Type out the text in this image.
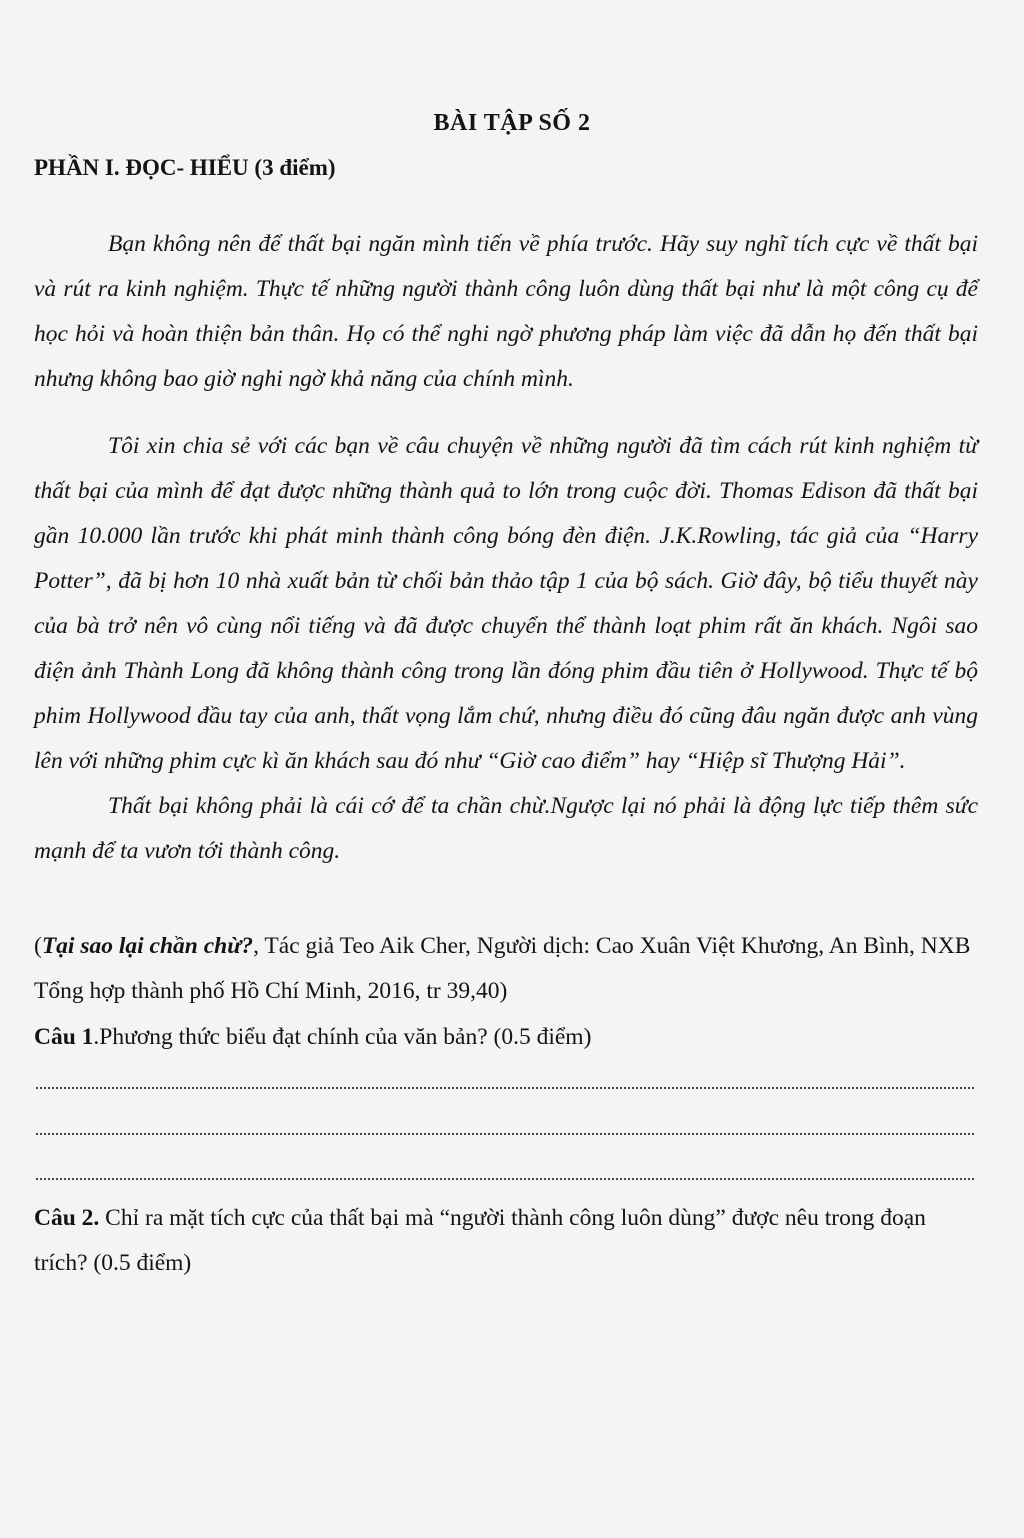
BÀI TẬP SỐ 2
PHẦN I. ĐỌC- HIỂU (3 điểm)

Bạn không nên để thất bại ngăn mình tiến về phía trước. Hãy suy nghĩ tích cực về thất bại và rút ra kinh nghiệm. Thực tế những người thành công luôn dùng thất bại như là một công cụ để học hỏi và hoàn thiện bản thân. Họ có thể nghi ngờ phương pháp làm việc đã dẫn họ đến thất bại nhưng không bao giờ nghi ngờ khả năng của chính mình.

Tôi xin chia sẻ với các bạn về câu chuyện về những người đã tìm cách rút kinh nghiệm từ thất bại của mình để đạt được những thành quả to lớn trong cuộc đời. Thomas Edison đã thất bại gần 10.000 lần trước khi phát minh thành công bóng đèn điện. J.K.Rowling, tác giả của “Harry Potter”, đã bị hơn 10 nhà xuất bản từ chối bản thảo tập 1 của bộ sách. Giờ đây, bộ tiểu thuyết này của bà trở nên vô cùng nổi tiếng và đã được chuyển thể thành loạt phim rất ăn khách. Ngôi sao điện ảnh Thành Long đã không thành công trong lần đóng phim đầu tiên ở Hollywood. Thực tế bộ phim Hollywood đầu tay của anh, thất vọng lắm chứ, nhưng điều đó cũng đâu ngăn được anh vùng lên với những phim cực kì ăn khách sau đó như “Giờ cao điểm” hay “Hiệp sĩ Thượng Hải”.

Thất bại không phải là cái cớ để ta chần chừ.Ngược lại nó phải là động lực tiếp thêm sức mạnh để ta vươn tới thành công.

(Tại sao lại chần chừ?, Tác giả Teo Aik Cher, Người dịch: Cao Xuân Việt Khương, An Bình, NXB Tổng hợp thành phố Hồ Chí Minh, 2016, tr 39,40)
Câu 1.Phương thức biểu đạt chính của văn bản? (0.5 điểm)
Câu 2. Chỉ ra mặt tích cực của thất bại mà “người thành công luôn dùng” được nêu trong đoạn trích? (0.5 điểm)
